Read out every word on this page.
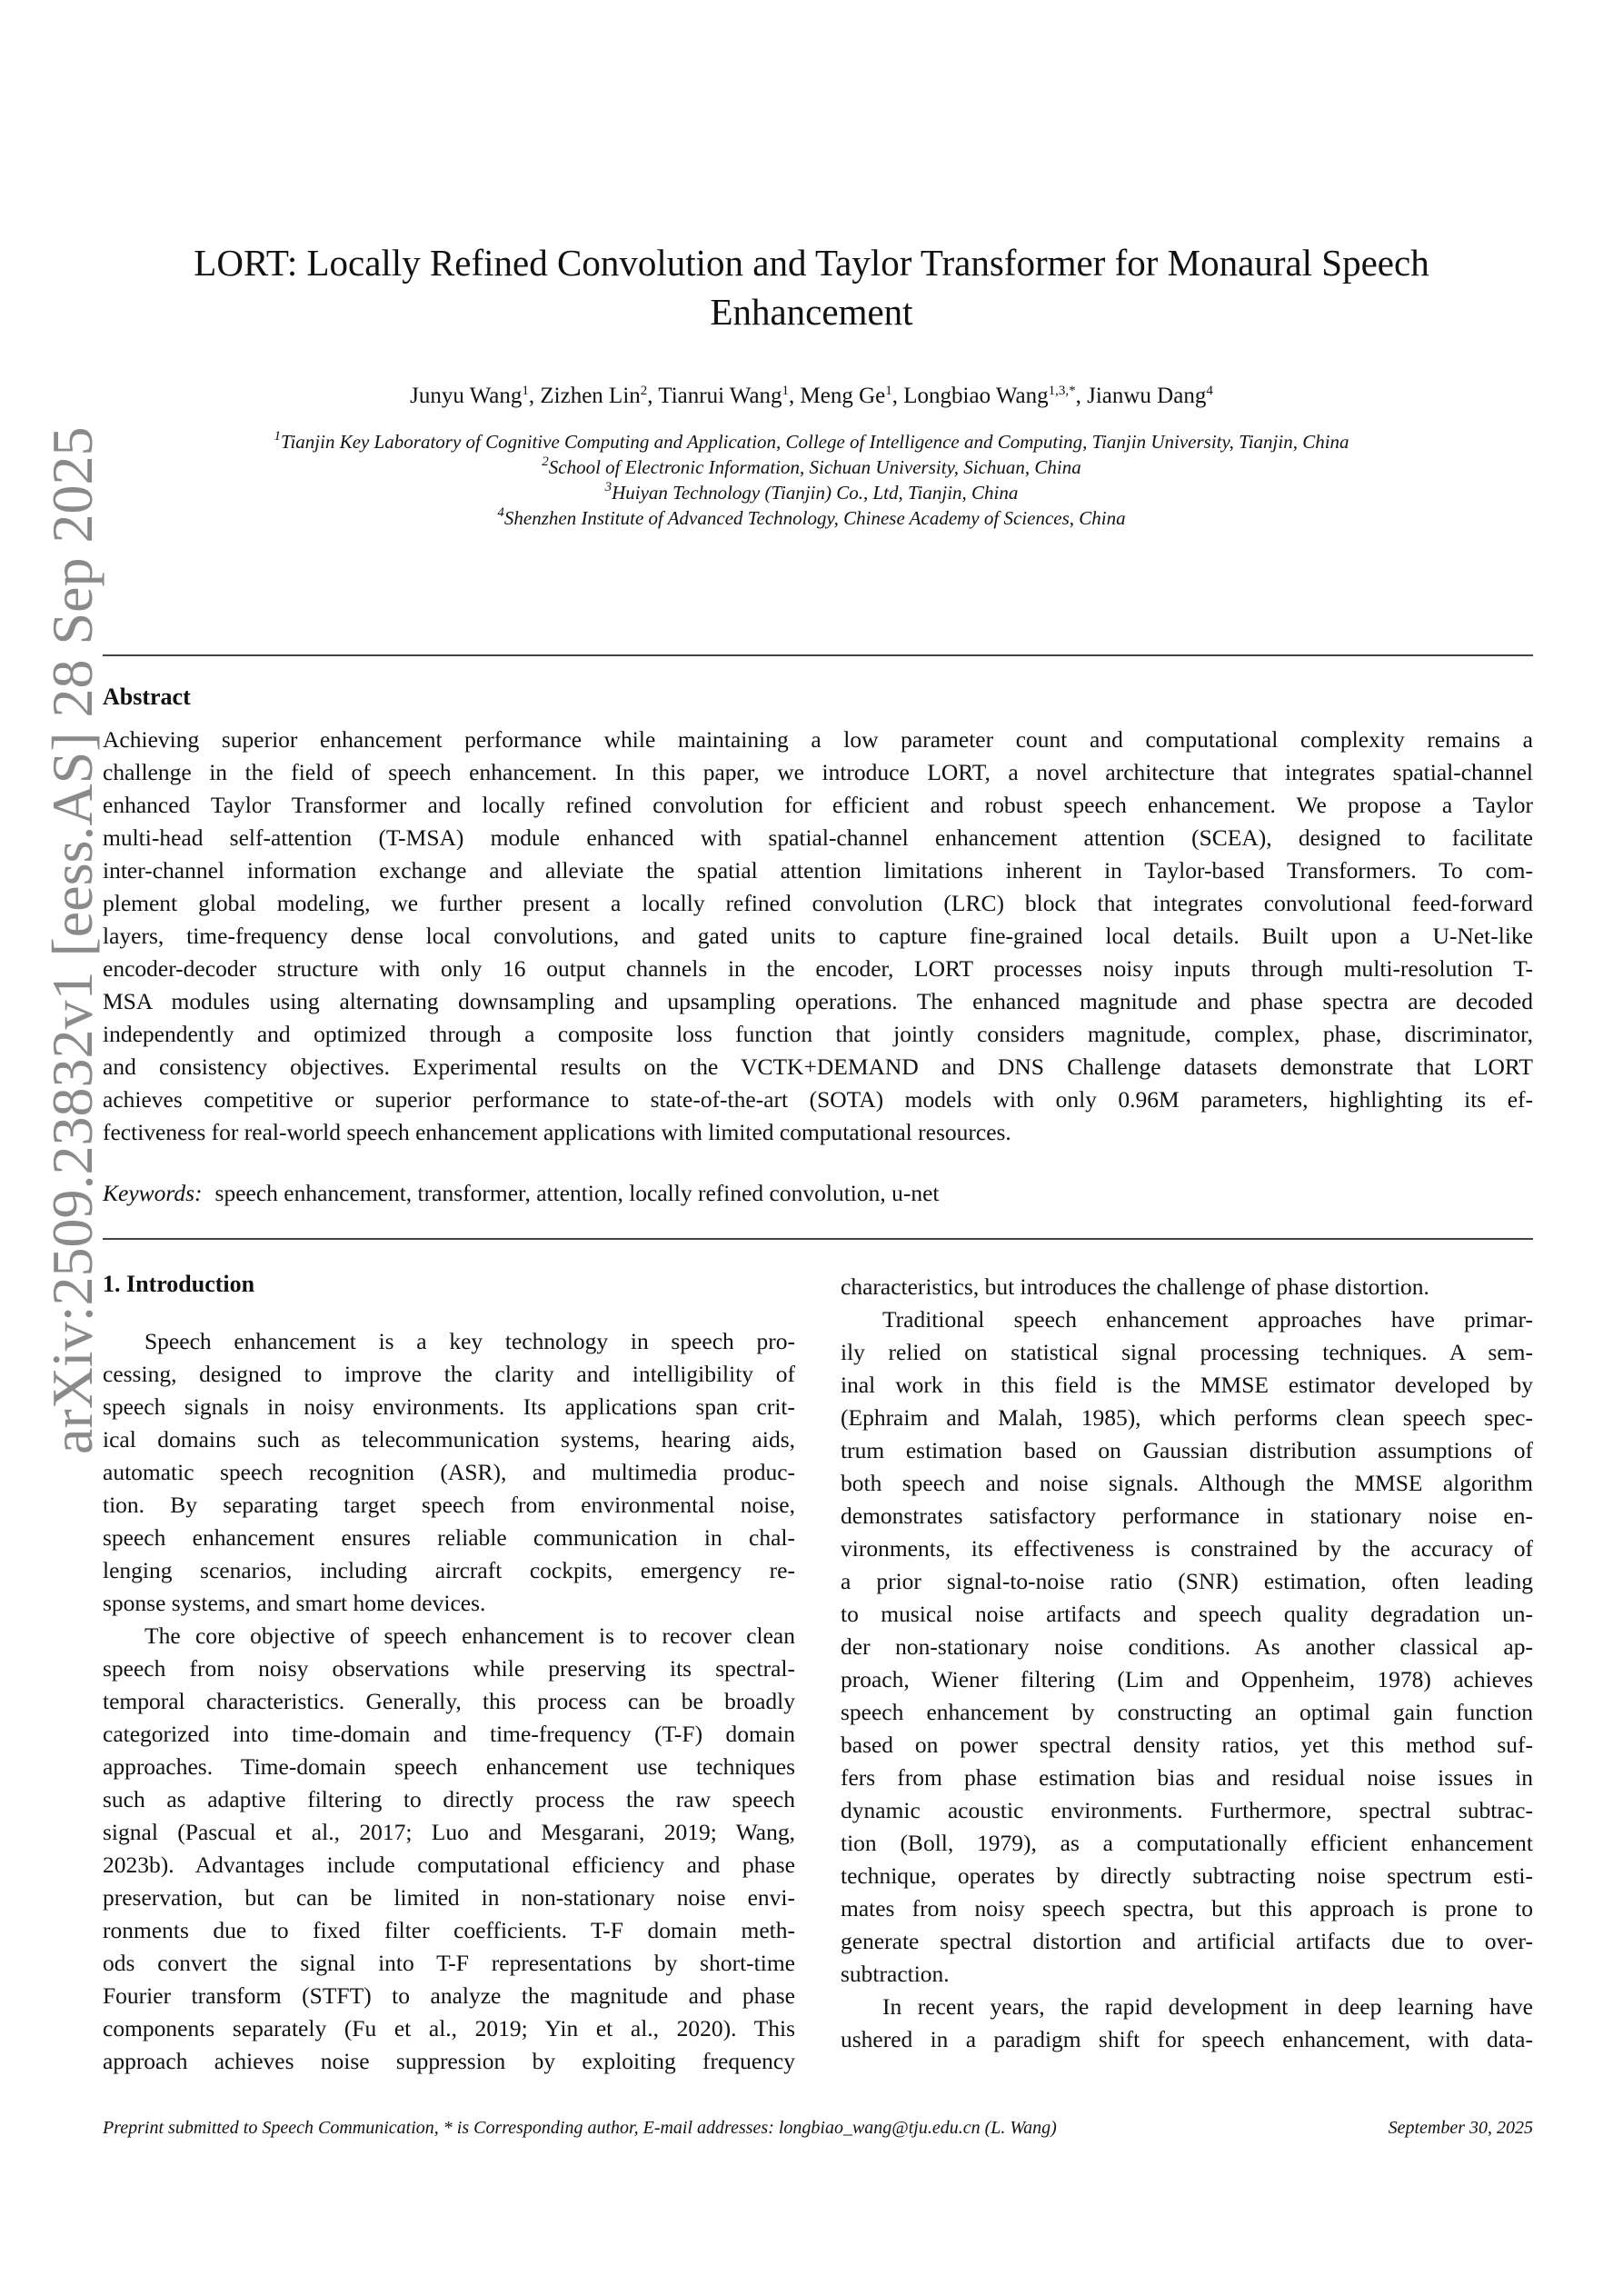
arXiv:2509.23832v1 [eess.AS] 28 Sep 2025
LORT: Locally Refined Convolution and Taylor Transformer for Monaural Speech
Enhancement
Junyu Wang$^1$, Zizhen Lin$^2$, Tianrui Wang$^1$, Meng Ge$^1$, Longbiao Wang$^{1,3,*}$, Jianwu Dang$^4$
$^1$Tianjin Key Laboratory of Cognitive Computing and Application, College of Intelligence and Computing, Tianjin University, Tianjin, China
$^2$School of Electronic Information, Sichuan University, Sichuan, China
$^3$Huiyan Technology (Tianjin) Co., Ltd, Tianjin, China
$^4$Shenzhen Institute of Advanced Technology, Chinese Academy of Sciences, China
Abstract
Achieving superior enhancement performance while maintaining a low parameter count and computational complexity remains a
challenge in the field of speech enhancement. In this paper, we introduce LORT, a novel architecture that integrates spatial-channel
enhanced Taylor Transformer and locally refined convolution for efficient and robust speech enhancement. We propose a Taylor
multi-head self-attention (T-MSA) module enhanced with spatial-channel enhancement attention (SCEA), designed to facilitate
inter-channel information exchange and alleviate the spatial attention limitations inherent in Taylor-based Transformers. To com-
plement global modeling, we further present a locally refined convolution (LRC) block that integrates convolutional feed-forward
layers, time-frequency dense local convolutions, and gated units to capture fine-grained local details. Built upon a U-Net-like
encoder-decoder structure with only 16 output channels in the encoder, LORT processes noisy inputs through multi-resolution T-
MSA modules using alternating downsampling and upsampling operations. The enhanced magnitude and phase spectra are decoded
independently and optimized through a composite loss function that jointly considers magnitude, complex, phase, discriminator,
and consistency objectives. Experimental results on the VCTK+DEMAND and DNS Challenge datasets demonstrate that LORT
achieves competitive or superior performance to state-of-the-art (SOTA) models with only 0.96M parameters, highlighting its ef-
fectiveness for real-world speech enhancement applications with limited computational resources.
Keywords: speech enhancement, transformer, attention, locally refined convolution, u-net
1. Introduction
Speech enhancement is a key technology in speech pro-
cessing, designed to improve the clarity and intelligibility of
speech signals in noisy environments. Its applications span crit-
ical domains such as telecommunication systems, hearing aids,
automatic speech recognition (ASR), and multimedia produc-
tion. By separating target speech from environmental noise,
speech enhancement ensures reliable communication in chal-
lenging scenarios, including aircraft cockpits, emergency re-
sponse systems, and smart home devices.
The core objective of speech enhancement is to recover clean
speech from noisy observations while preserving its spectral-
temporal characteristics. Generally, this process can be broadly
categorized into time-domain and time-frequency (T-F) domain
approaches. Time-domain speech enhancement use techniques
such as adaptive filtering to directly process the raw speech
signal (Pascual et al., 2017; Luo and Mesgarani, 2019; Wang,
2023b). Advantages include computational efficiency and phase
preservation, but can be limited in non-stationary noise envi-
ronments due to fixed filter coefficients. T-F domain meth-
ods convert the signal into T-F representations by short-time
Fourier transform (STFT) to analyze the magnitude and phase
components separately (Fu et al., 2019; Yin et al., 2020). This
approach achieves noise suppression by exploiting frequency
characteristics, but introduces the challenge of phase distortion.
Traditional speech enhancement approaches have primar-
ily relied on statistical signal processing techniques. A sem-
inal work in this field is the MMSE estimator developed by
(Ephraim and Malah, 1985), which performs clean speech spec-
trum estimation based on Gaussian distribution assumptions of
both speech and noise signals. Although the MMSE algorithm
demonstrates satisfactory performance in stationary noise en-
vironments, its effectiveness is constrained by the accuracy of
a prior signal-to-noise ratio (SNR) estimation, often leading
to musical noise artifacts and speech quality degradation un-
der non-stationary noise conditions. As another classical ap-
proach, Wiener filtering (Lim and Oppenheim, 1978) achieves
speech enhancement by constructing an optimal gain function
based on power spectral density ratios, yet this method suf-
fers from phase estimation bias and residual noise issues in
dynamic acoustic environments. Furthermore, spectral subtrac-
tion (Boll, 1979), as a computationally efficient enhancement
technique, operates by directly subtracting noise spectrum esti-
mates from noisy speech spectra, but this approach is prone to
generate spectral distortion and artificial artifacts due to over-
subtraction.
In recent years, the rapid development in deep learning have
ushered in a paradigm shift for speech enhancement, with data-
Preprint submitted to Speech Communication, * is Corresponding author, E-mail addresses: longbiao_wang@tju.edu.cn (L. Wang)	September 30, 2025
